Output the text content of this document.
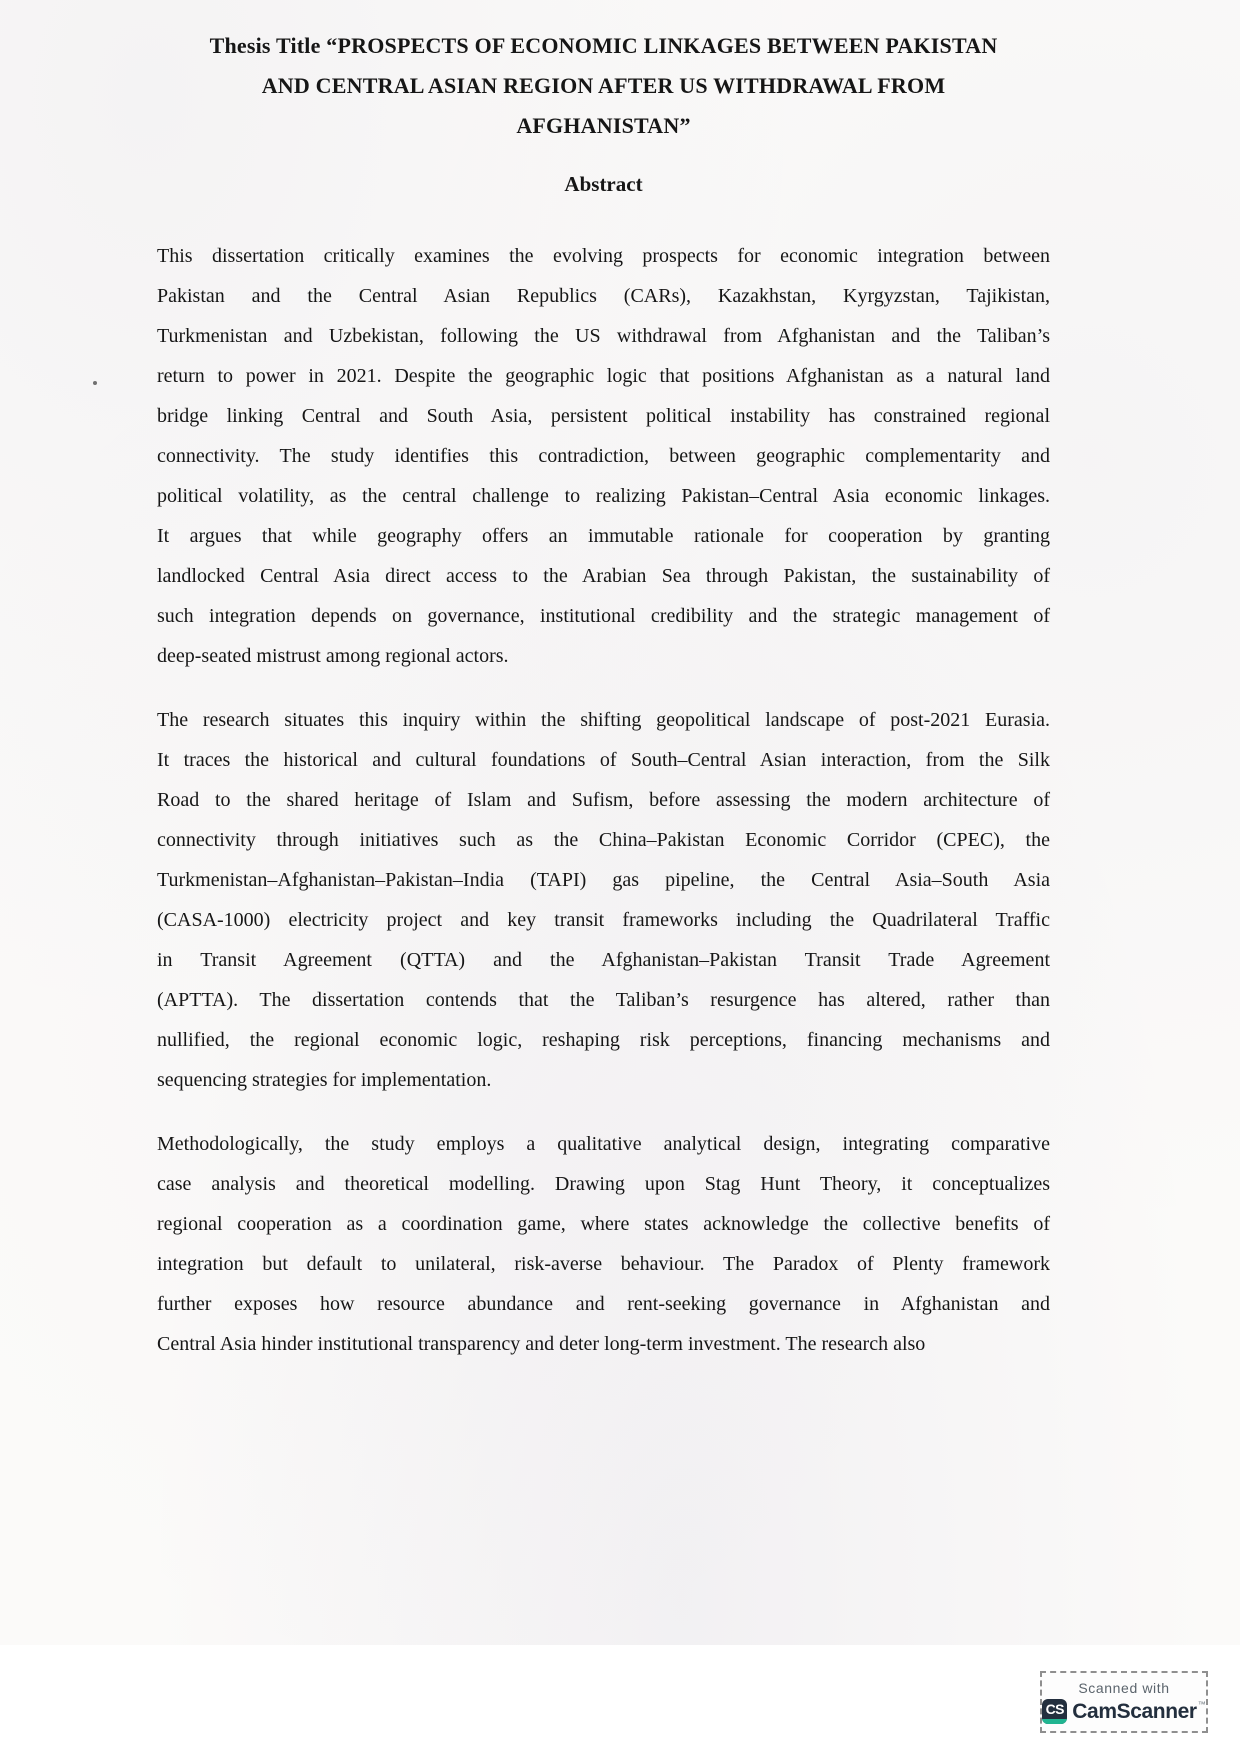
Thesis Title “PROSPECTS OF ECONOMIC LINKAGES BETWEEN PAKISTAN
AND CENTRAL ASIAN REGION AFTER US WITHDRAWAL FROM
AFGHANISTAN”
Abstract
This dissertation critically examines the evolving prospects for economic integration between
Pakistan and the Central Asian Republics (CARs), Kazakhstan, Kyrgyzstan, Tajikistan,
Turkmenistan and Uzbekistan, following the US withdrawal from Afghanistan and the Taliban’s
return to power in 2021. Despite the geographic logic that positions Afghanistan as a natural land
bridge linking Central and South Asia, persistent political instability has constrained regional
connectivity. The study identifies this contradiction, between geographic complementarity and
political volatility, as the central challenge to realizing Pakistan–Central Asia economic linkages.
It argues that while geography offers an immutable rationale for cooperation by granting
landlocked Central Asia direct access to the Arabian Sea through Pakistan, the sustainability of
such integration depends on governance, institutional credibility and the strategic management of
deep-seated mistrust among regional actors.
The research situates this inquiry within the shifting geopolitical landscape of post-2021 Eurasia.
It traces the historical and cultural foundations of South–Central Asian interaction, from the Silk
Road to the shared heritage of Islam and Sufism, before assessing the modern architecture of
connectivity through initiatives such as the China–Pakistan Economic Corridor (CPEC), the
Turkmenistan–Afghanistan–Pakistan–India (TAPI) gas pipeline, the Central Asia–South Asia
(CASA-1000) electricity project and key transit frameworks including the Quadrilateral Traffic
in Transit Agreement (QTTA) and the Afghanistan–Pakistan Transit Trade Agreement
(APTTA). The dissertation contends that the Taliban’s resurgence has altered, rather than
nullified, the regional economic logic, reshaping risk perceptions, financing mechanisms and
sequencing strategies for implementation.
Methodologically, the study employs a qualitative analytical design, integrating comparative
case analysis and theoretical modelling. Drawing upon Stag Hunt Theory, it conceptualizes
regional cooperation as a coordination game, where states acknowledge the collective benefits of
integration but default to unilateral, risk-averse behaviour. The Paradox of Plenty framework
further exposes how resource abundance and rent-seeking governance in Afghanistan and
Central Asia hinder institutional transparency and deter long-term investment. The research also
Scanned with
CS CamScanner ™
